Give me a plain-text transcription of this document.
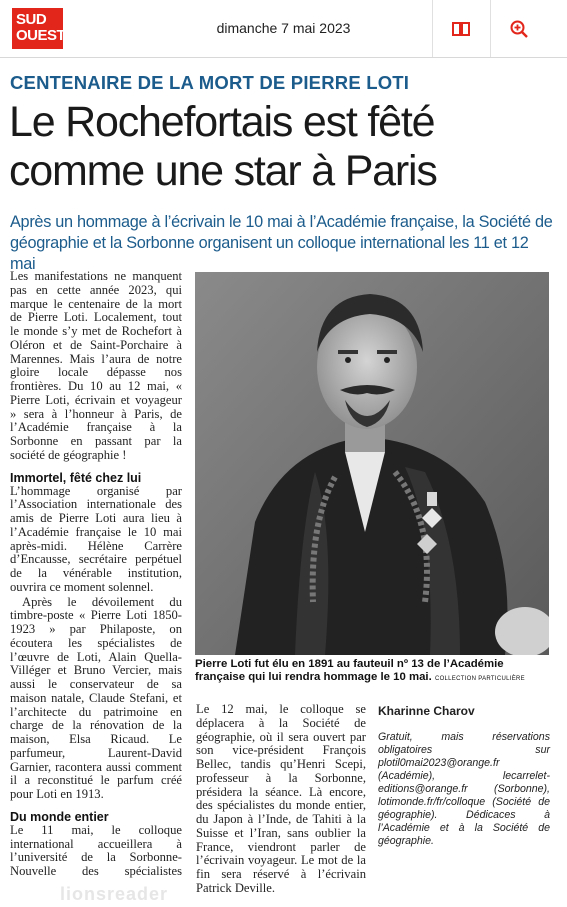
SUD
OUEST	dimanche 7 mai 2023
CENTENAIRE DE LA MORT DE PIERRE LOTI
Le Rochefortais est fêté
comme une star à Paris
Après un hommage à l’écrivain le 10 mai à l’Académie française, la Société de géographie et la Sorbonne organisent un colloque international les 11 et 12 mai

Les manifestations ne manquent pas en cette année 2023, qui marque le centenaire de la mort de Pierre Loti. Localement, tout le monde s’y met de Rochefort à Oléron et de Saint-Porchaire à Marennes. Mais l’aura de notre gloire locale dépasse nos frontières. Du 10 au 12 mai, « Pierre Loti, écrivain et voyageur » sera à l’honneur à Paris, de l’Académie française à la Sorbonne en passant par la société de géographie !

Immortel, fêté chez lui

L’hommage organisé par l’Association internationale des amis de Pierre Loti aura lieu à l’Académie française le 10 mai après-midi. Hélène Carrère d’Encausse, secrétaire perpétuel de la vénérable institution, ouvrira ce moment solennel.

Après le dévoilement du timbre-poste « Pierre Loti 1850-1923 » par Philaposte, on écoutera les spécialistes de l’œuvre de Loti, Alain Quella-Villéger et Bruno Vercier, mais aussi le conservateur de sa maison natale, Claude Stefani, et l’architecte du patrimoine en charge de la rénovation de la maison, Elsa Ricaud. Le parfumeur, Laurent-David Garnier, racontera aussi comment il a reconstitué le parfum créé pour Loti en 1913.

Du monde entier

Le 11 mai, le colloque international accueillera à l’université de la Sorbonne-Nouvelle des spécialistes

Pierre Loti fut élu en 1891 au fauteuil nº 13 de l’Académie française qui lui rendra hommage le 10 mai. COLLECTION PARTICULIÈRE

Le 12 mai, le colloque se déplacera à la Société de géographie, où il sera ouvert par son vice-président François Bellec, tandis qu’Henri Scepi, professeur à la Sorbonne, présidera la séance. Là encore, des spécialistes du monde entier, du Japon à l’Inde, de Tahiti à la Suisse et l’Iran, sans oublier la France, viendront parler de l’écrivain voyageur. Le mot de la fin sera réservé à l’écrivain Patrick Deville.

Kharinne Charov
Gratuit, mais réservations obligatoires sur plotil0mai2023@orange.fr (Académie), lecarrelet-editions@orange.fr (Sorbonne), lotimonde.fr/fr/colloque (Société de géographie). Dédicaces à l’Académie et à la Société de géographie.
lionsreader
